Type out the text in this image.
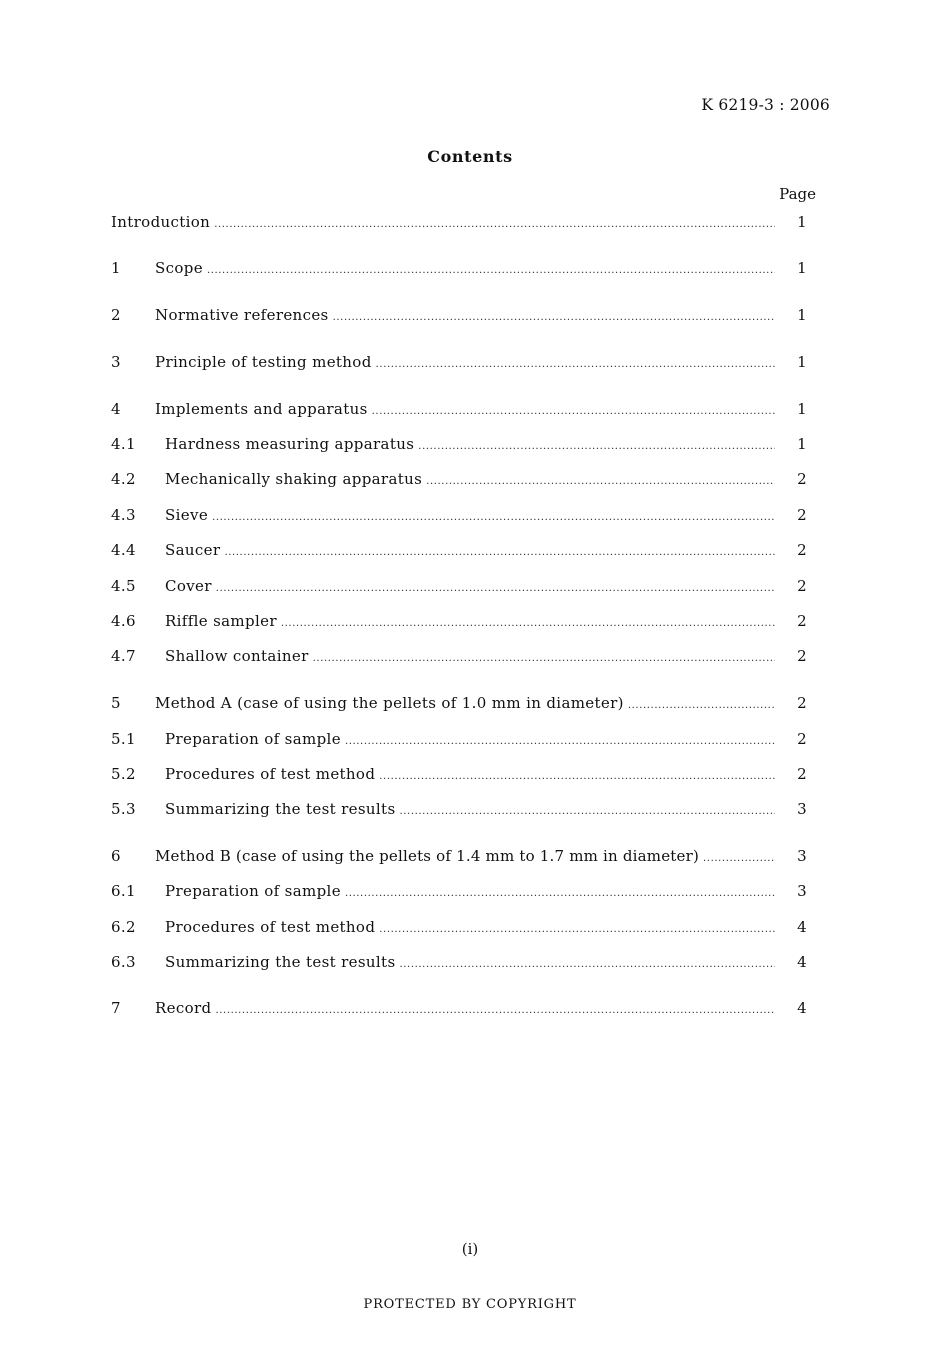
K 6219-3 : 2006
Contents
Page
Introduction .....	1
1	Scope .....	1
2	Normative references .....	1
3	Principle of testing method .....	1
4	Implements and apparatus .....	1
4.1	Hardness measuring apparatus .....	1
4.2	Mechanically shaking apparatus .....	2
4.3	Sieve .....	2
4.4	Saucer .....	2
4.5	Cover .....	2
4.6	Riffle sampler .....	2
4.7	Shallow container .....	2
5	Method A (case of using the pellets of 1.0 mm in diameter) .....	2
5.1	Preparation of sample .....	2
5.2	Procedures of test method .....	2
5.3	Summarizing the test results .....	3
6	Method B (case of using the pellets of 1.4 mm to 1.7 mm in diameter) .....	3
6.1	Preparation of sample .....	3
6.2	Procedures of test method .....	4
6.3	Summarizing the test results .....	4
7	Record .....	4
(i)
PROTECTED BY COPYRIGHT
